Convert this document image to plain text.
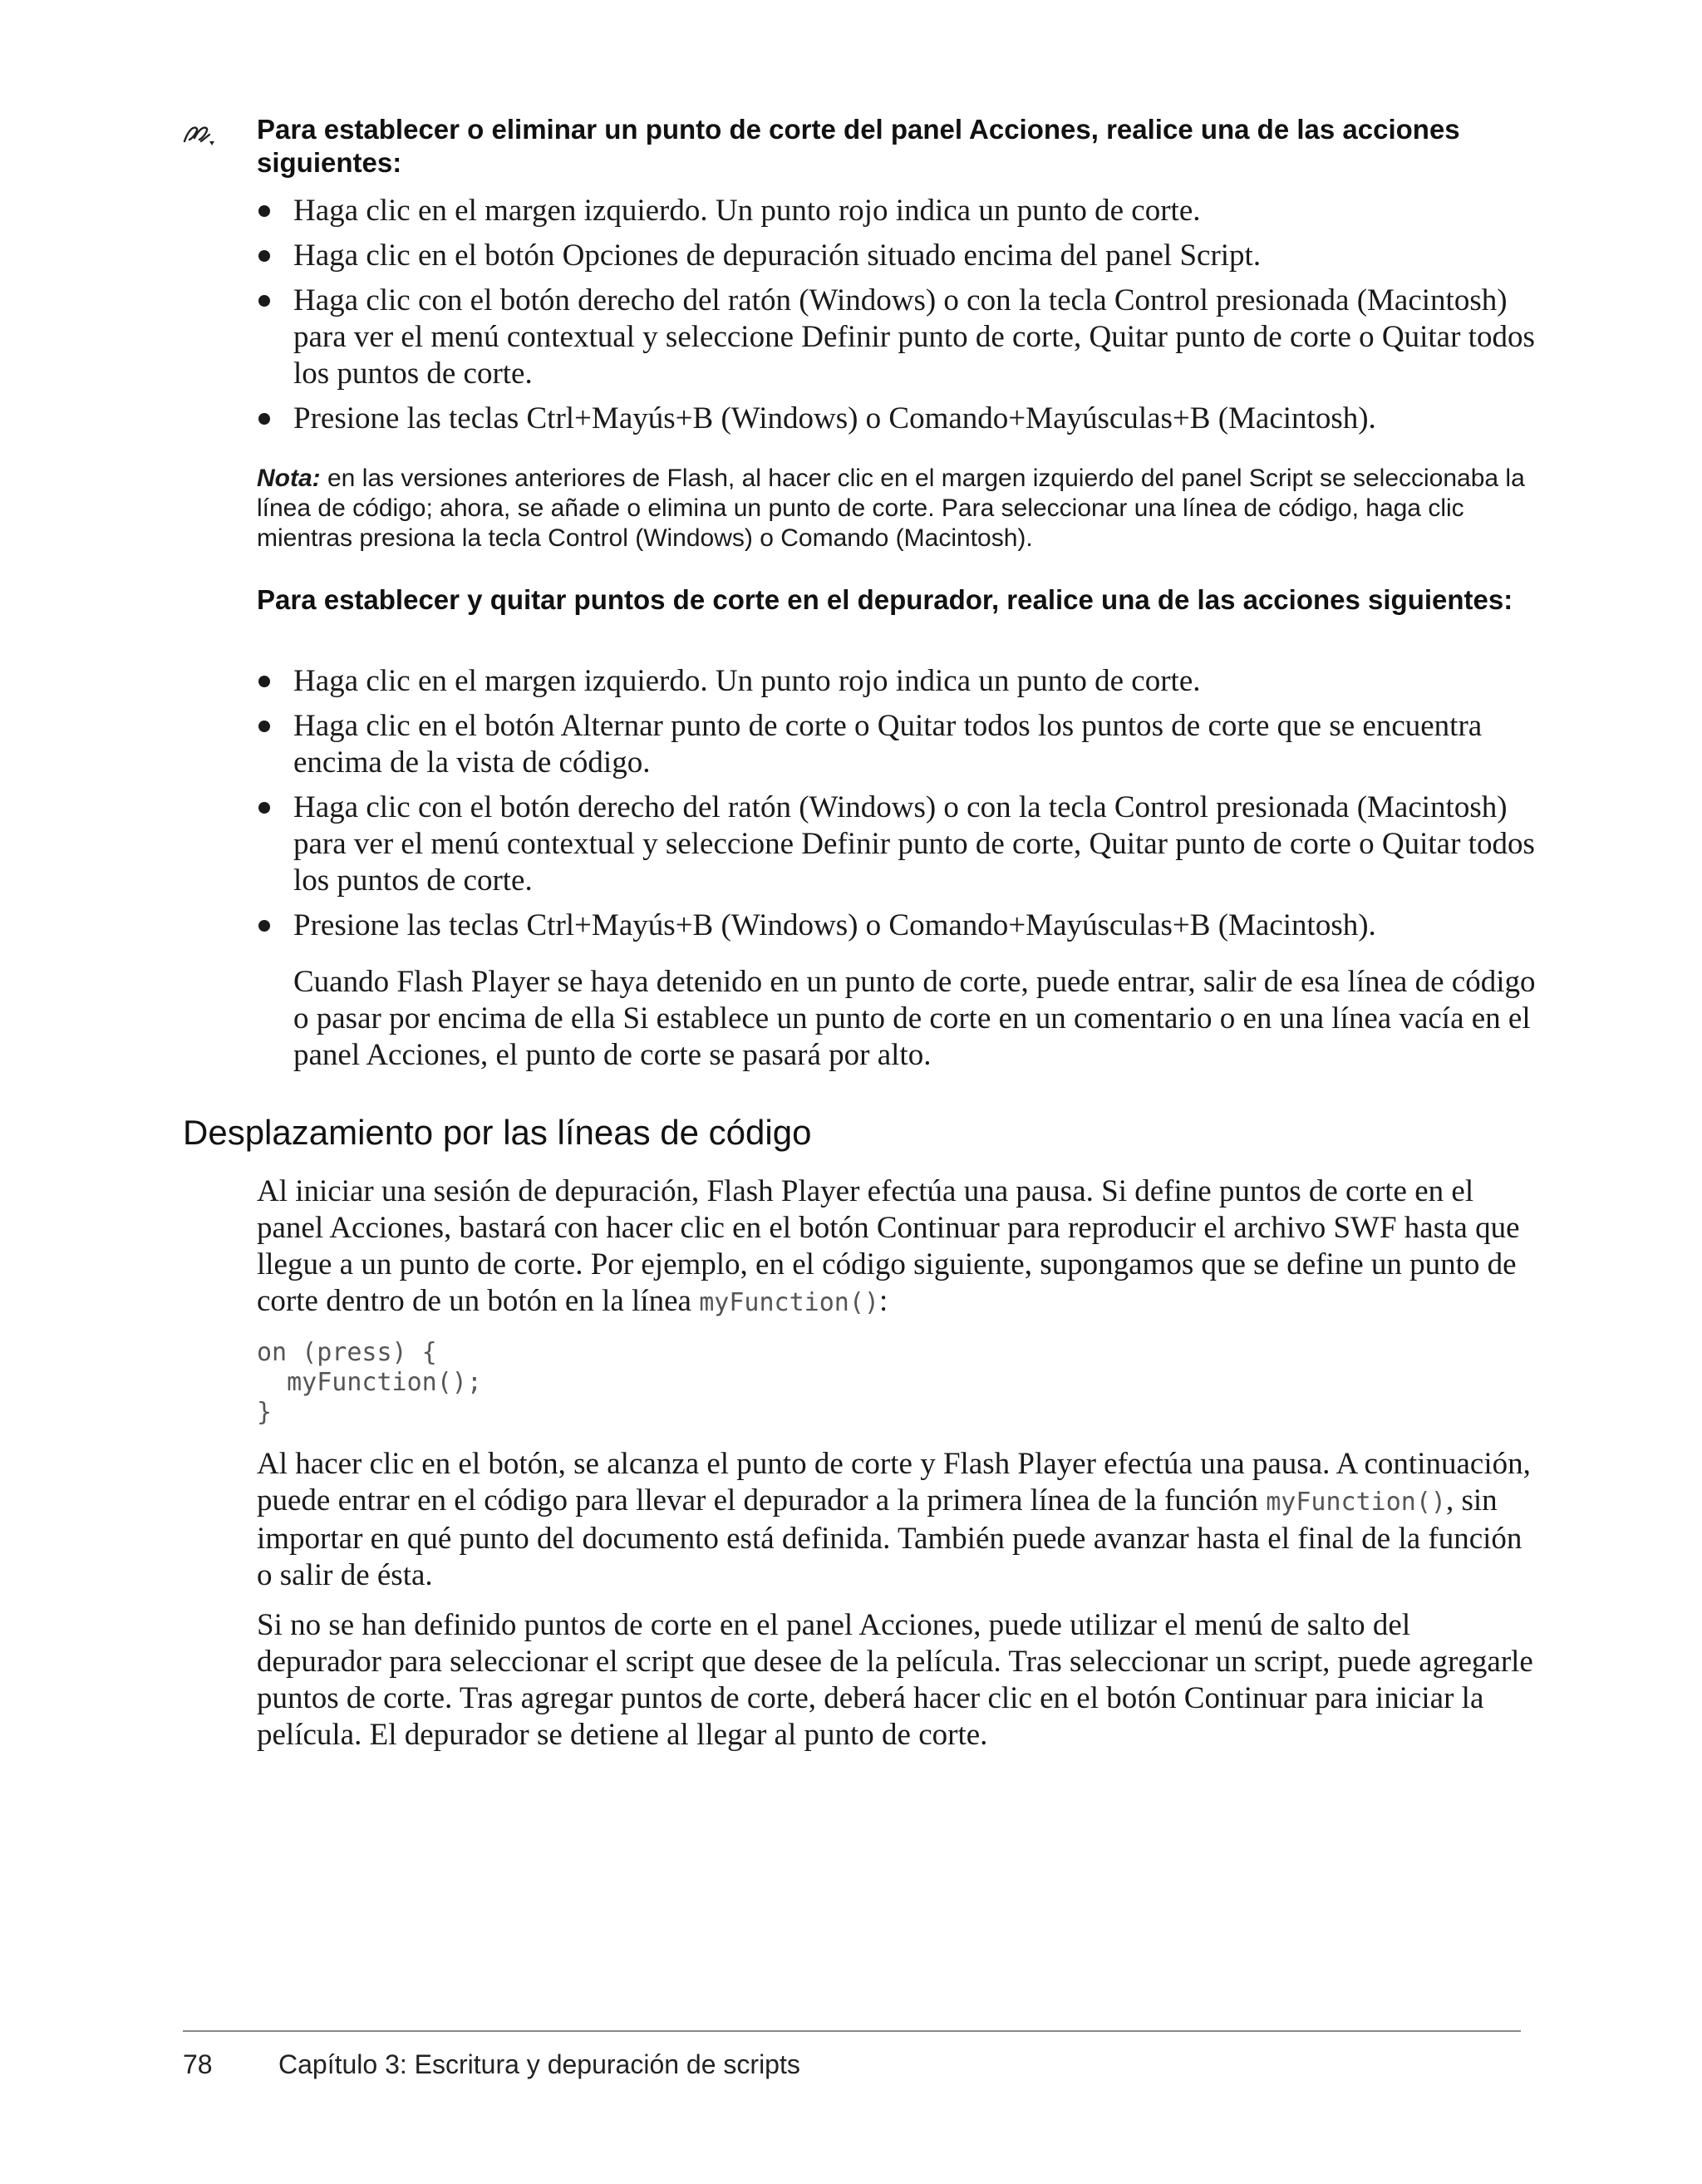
Para establecer o eliminar un punto de corte del panel Acciones, realice una de las acciones siguientes:
Haga clic en el margen izquierdo. Un punto rojo indica un punto de corte.
Haga clic en el botón Opciones de depuración situado encima del panel Script.
Haga clic con el botón derecho del ratón (Windows) o con la tecla Control presionada (Macintosh) para ver el menú contextual y seleccione Definir punto de corte, Quitar punto de corte o Quitar todos los puntos de corte.
Presione las teclas Ctrl+Mayús+B (Windows) o Comando+Mayúsculas+B (Macintosh).
Nota: en las versiones anteriores de Flash, al hacer clic en el margen izquierdo del panel Script se seleccionaba la línea de código; ahora, se añade o elimina un punto de corte. Para seleccionar una línea de código, haga clic mientras presiona la tecla Control (Windows) o Comando (Macintosh).
Para establecer y quitar puntos de corte en el depurador, realice una de las acciones siguientes:
Haga clic en el margen izquierdo. Un punto rojo indica un punto de corte.
Haga clic en el botón Alternar punto de corte o Quitar todos los puntos de corte que se encuentra encima de la vista de código.
Haga clic con el botón derecho del ratón (Windows) o con la tecla Control presionada (Macintosh) para ver el menú contextual y seleccione Definir punto de corte, Quitar punto de corte o Quitar todos los puntos de corte.
Presione las teclas Ctrl+Mayús+B (Windows) o Comando+Mayúsculas+B (Macintosh).

Cuando Flash Player se haya detenido en un punto de corte, puede entrar, salir de esa línea de código o pasar por encima de ella Si establece un punto de corte en un comentario o en una línea vacía en el panel Acciones, el punto de corte se pasará por alto.

Desplazamiento por las líneas de código

Al iniciar una sesión de depuración, Flash Player efectúa una pausa. Si define puntos de corte en el panel Acciones, bastará con hacer clic en el botón Continuar para reproducir el archivo SWF hasta que llegue a un punto de corte. Por ejemplo, en el código siguiente, supongamos que se define un punto de corte dentro de un botón en la línea myFunction():

on (press) {
myFunction();
}

Al hacer clic en el botón, se alcanza el punto de corte y Flash Player efectúa una pausa. A continuación, puede entrar en el código para llevar el depurador a la primera línea de la función myFunction(), sin importar en qué punto del documento está definida. También puede avanzar hasta el final de la función o salir de ésta.

Si no se han definido puntos de corte en el panel Acciones, puede utilizar el menú de salto del depurador para seleccionar el script que desee de la película. Tras seleccionar un script, puede agregarle puntos de corte. Tras agregar puntos de corte, deberá hacer clic en el botón Continuar para iniciar la película. El depurador se detiene al llegar al punto de corte.

78 Capítulo 3: Escritura y depuración de scripts
